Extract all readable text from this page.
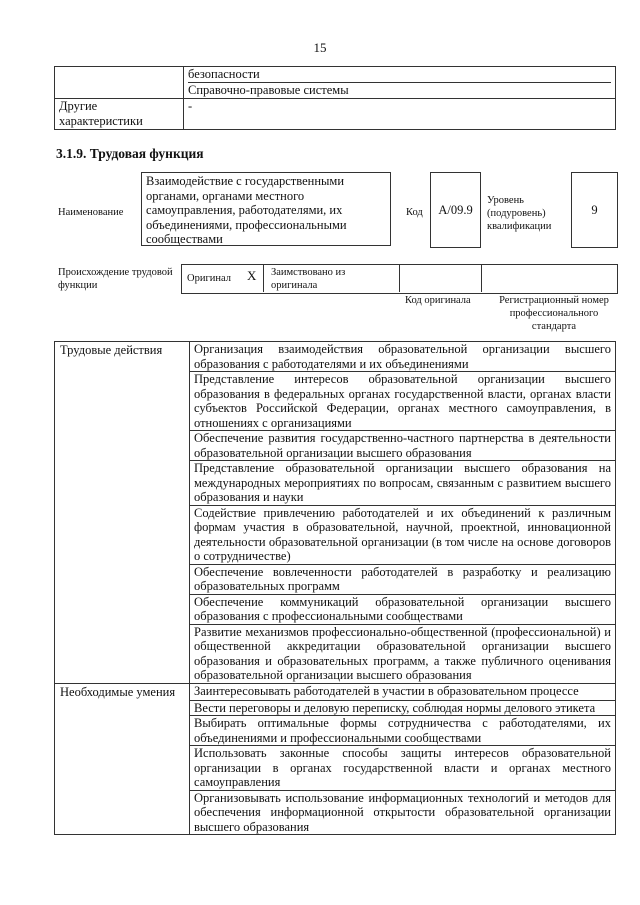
15

	безопасности
Справочно-правовые системы

Другие характеристики	-
3.1.9. Трудовая функция
Наименование
Взаимодействие с государственными органами, органами местного самоуправления, работодателями, их объединениями, профессиональными сообществами
Код A/09.9
Уровень (подуровень) квалификации
9
Происхождение трудовой функции
Оригинал X Заимствовано из оригинала
Код оригинала	Регистрационный номер профессионального стандарта
Трудовые действия	Организация взаимодействия образовательной организации высшего образования с работодателями и их объединениями
	Представление интересов образовательной организации высшего образования в федеральных органах государственной власти, органах власти субъектов Российской Федерации, органах местного самоуправления, в отношениях с организациями
	Обеспечение развития государственно-частного партнерства в деятельности образовательной организации высшего образования
	Представление образовательной организации высшего образования на международных мероприятиях по вопросам, связанным с развитием высшего образования и науки
	Содействие привлечению работодателей и их объединений к различным формам участия в образовательной, научной, проектной, инновационной деятельности образовательной организации (в том числе на основе договоров о сотрудничестве)
	Обеспечение вовлеченности работодателей в разработку и реализацию образовательных программ
	Обеспечение коммуникаций образовательной организации высшего образования с профессиональными сообществами
	Развитие механизмов профессионально-общественной (профессиональной) и общественной аккредитации образовательной организации высшего образования и образовательных программ, а также публичного оценивания образовательной организации высшего образования
Необходимые умения	Заинтересовывать работодателей в участии в образовательном процессе
	Вести переговоры и деловую переписку, соблюдая нормы делового этикета
	Выбирать оптимальные формы сотрудничества с работодателями, их объединениями и профессиональными сообществами
	Использовать законные способы защиты интересов образовательной организации в органах государственной власти и органах местного самоуправления
	Организовывать использование информационных технологий и методов для обеспечения информационной открытости образовательной организации высшего образования
